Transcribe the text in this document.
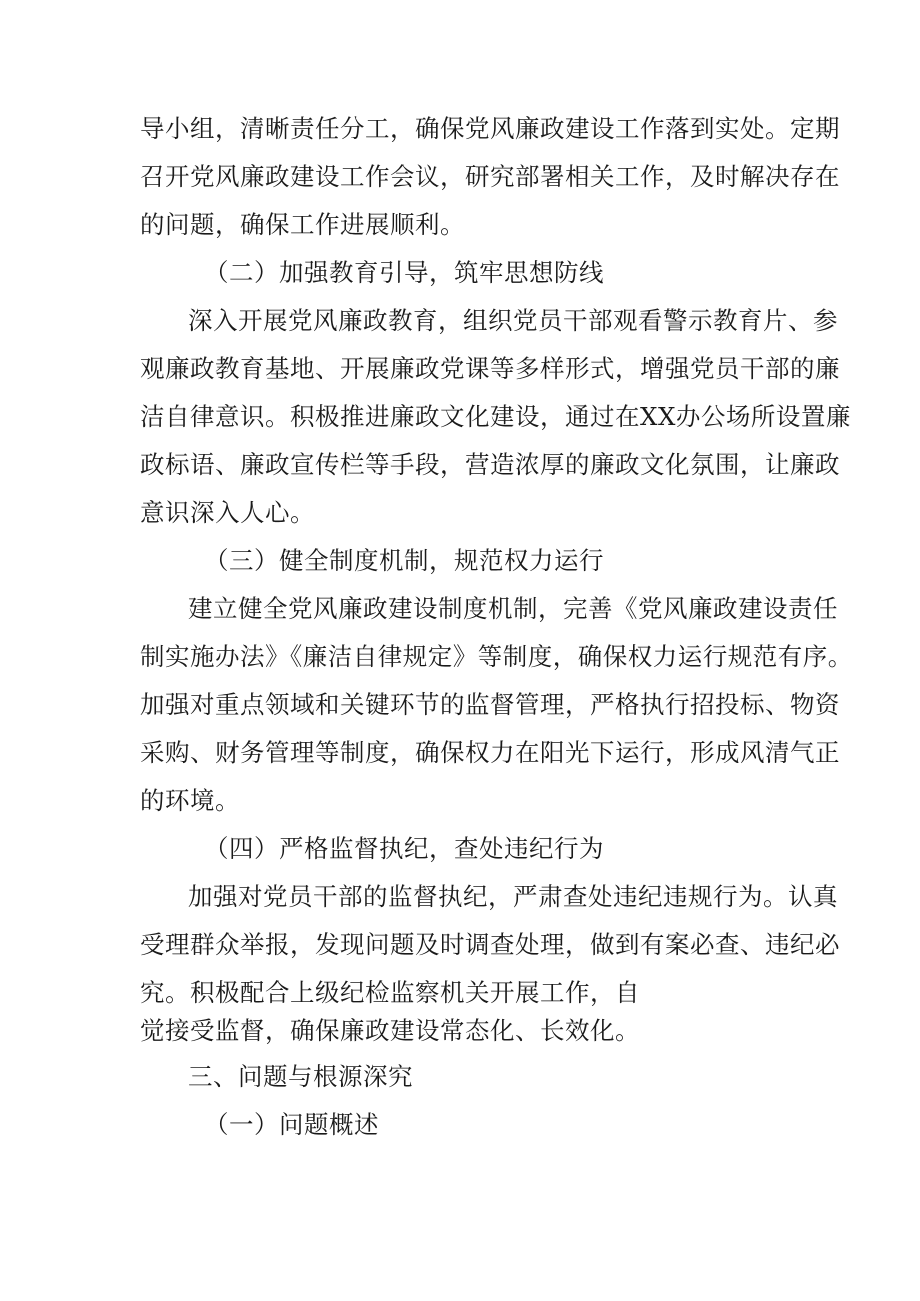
导小组，清晰责任分工，确保党风廉政建设工作落到实处。定期
召开党风廉政建设工作会议，研究部署相关工作，及时解决存在
的问题，确保工作进展顺利。
（二）加强教育引导，筑牢思想防线
深入开展党风廉政教育，组织党员干部观看警示教育片、参
观廉政教育基地、开展廉政党课等多样形式，增强党员干部的廉
洁自律意识。积极推进廉政文化建设，通过在XX办公场所设置廉
政标语、廉政宣传栏等手段，营造浓厚的廉政文化氛围，让廉政
意识深入人心。
（三）健全制度机制，规范权力运行
建立健全党风廉政建设制度机制，完善《党风廉政建设责任
制实施办法》《廉洁自律规定》等制度，确保权力运行规范有序。
加强对重点领域和关键环节的监督管理，严格执行招投标、物资
采购、财务管理等制度，确保权力在阳光下运行，形成风清气正
的环境。
（四）严格监督执纪，查处违纪行为
加强对党员干部的监督执纪，严肃查处违纪违规行为。认真
受理群众举报，发现问题及时调查处理，做到有案必查、违纪必
究。积极配合上级纪检监察机关开展工作，自
觉接受监督，确保廉政建设常态化、长效化。
三、问题与根源深究
（一）问题概述
